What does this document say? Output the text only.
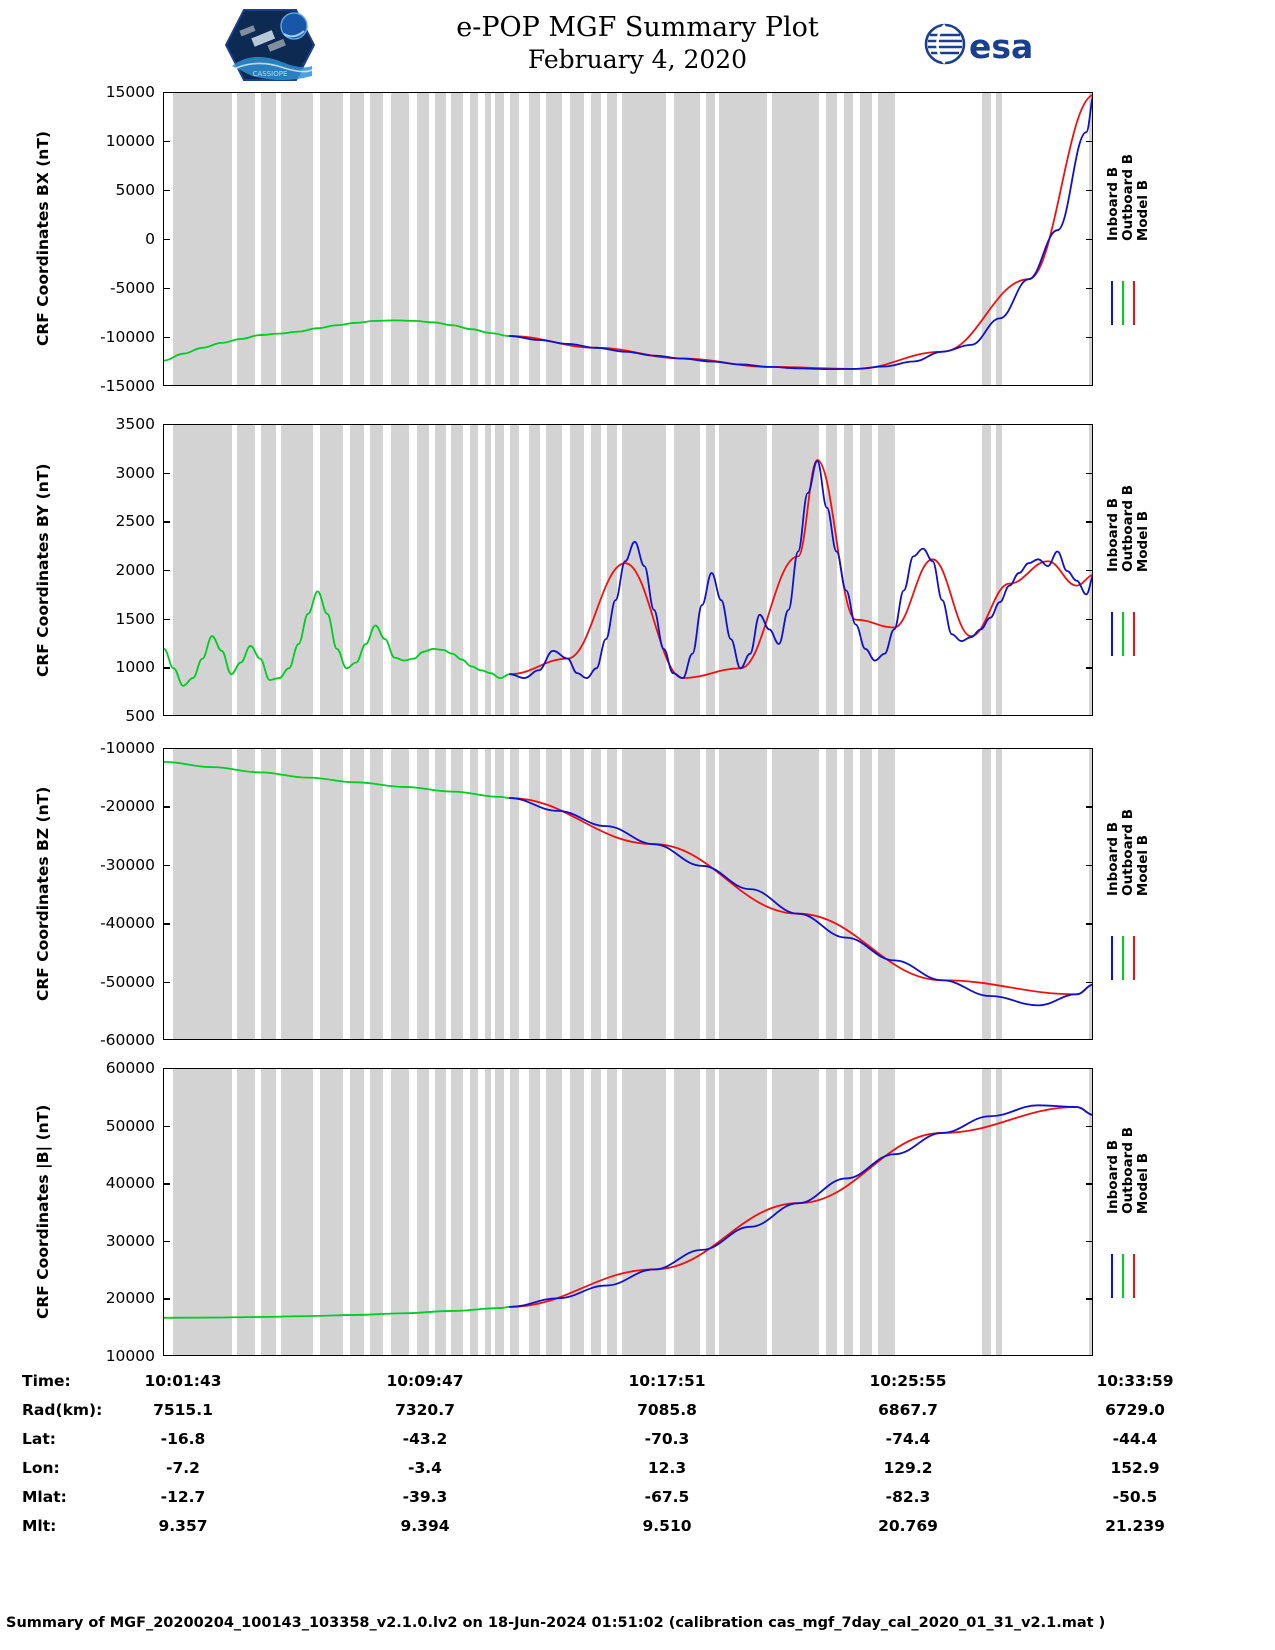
CASSIOPE
e-POP MGF Summary Plot
February 4, 2020	esa
CRF Coordinates BX (nT)
-15000
-10000
-5000
0
5000
10000
15000
Inboard BOutboard BModel B
CRF Coordinates BY (nT)
500
1000
1500
2000
2500
3000
3500
Inboard BOutboard BModel B
CRF Coordinates BZ (nT)
-60000
-50000
-40000
-30000
-20000
-10000
Inboard BOutboard BModel B
CRF Coordinates |B| (nT)
10000
20000
30000
40000
50000
60000
Inboard BOutboard BModel B
Time:	10:01:43	10:09:47	10:17:51	10:25:55	10:33:59
Rad(km):	7515.1	7320.7	7085.8	6867.7	6729.0
Lat:	-16.8	-43.2	-70.3	-74.4	-44.4
Lon:	-7.2	-3.4	12.3	129.2	152.9
Mlat:	-12.7	-39.3	-67.5	-82.3	-50.5
Mlt:	9.357	9.394	9.510	20.769	21.239
Summary of MGF_20200204_100143_103358_v2.1.0.lv2 on 18-Jun-2024 01:51:02 (calibration cas_mgf_7day_cal_2020_01_31_v2.1.mat )
